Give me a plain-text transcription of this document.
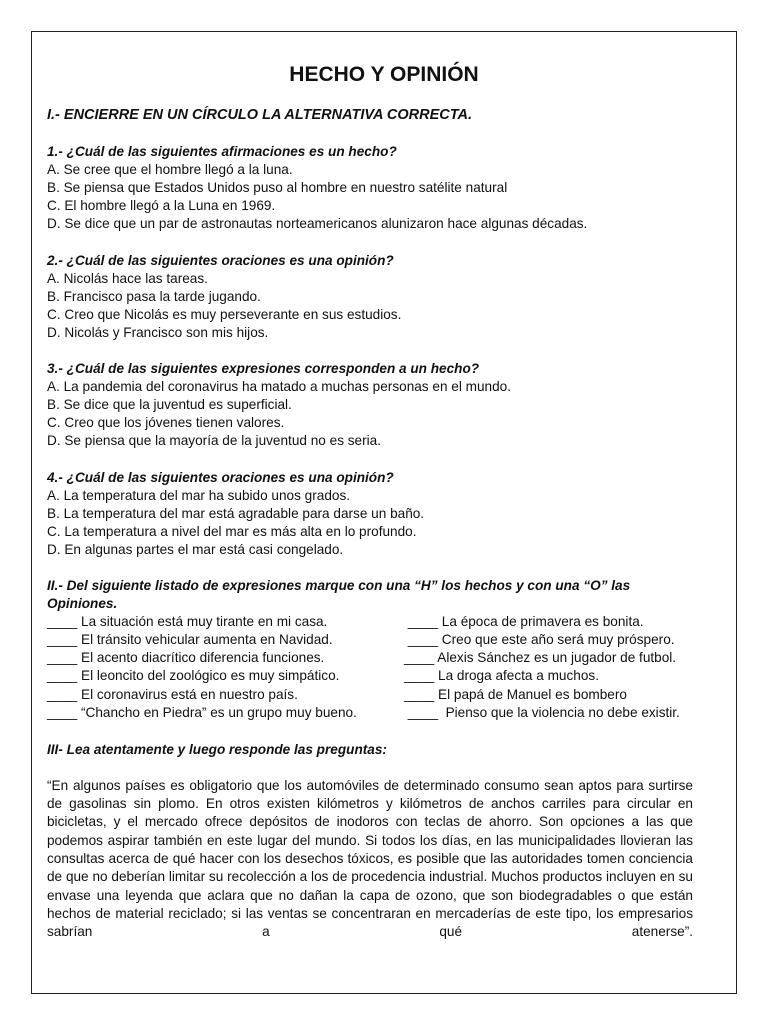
HECHO Y OPINIÓN

I.- ENCIERRE EN UN CÍRCULO LA ALTERNATIVA CORRECTA.

1.- ¿Cuál de las siguientes afirmaciones es un hecho?
A. Se cree que el hombre llegó a la luna.
B. Se piensa que Estados Unidos puso al hombre en nuestro satélite natural
C. El hombre llegó a la Luna en 1969.
D. Se dice que un par de astronautas norteamericanos alunizaron hace algunas décadas.
2.- ¿Cuál de las siguientes oraciones es una opinión?
A. Nicolás hace las tareas.
B. Francisco pasa la tarde jugando.
C. Creo que Nicolás es muy perseverante en sus estudios.
D. Nicolás y Francisco son mis hijos.
3.- ¿Cuál de las siguientes expresiones corresponden a un hecho?
A. La pandemia del coronavirus ha matado a muchas personas en el mundo.
B. Se dice que la juventud es superficial.
C. Creo que los jóvenes tienen valores.
D. Se piensa que la mayoría de la juventud no es seria.
4.- ¿Cuál de las siguientes oraciones es una opinión?
A. La temperatura del mar ha subido unos grados.
B. La temperatura del mar está agradable para darse un baño.
C. La temperatura a nivel del mar es más alta en lo profundo.
D. En algunas partes el mar está casi congelado.
II.- Del siguiente listado de expresiones marque con una “H” los hechos y con una “O” las
Opiniones.
____ La situación está muy tirante en mi casa.	____ La época de primavera es bonita.
____ El tránsito vehicular aumenta en Navidad.	____ Creo que este año será muy próspero.
____ El acento diacrítico diferencia funciones.	____ Alexis Sánchez es un jugador de futbol.
____ El leoncito del zoológico es muy simpático.	____ La droga afecta a muchos.
____ El coronavirus está en nuestro país.	____ El papá de Manuel es bombero
____ “Chancho en Piedra” es un grupo muy bueno.	____  Pienso que la violencia no debe existir.

III- Lea atentamente y luego responde las preguntas:

“En algunos países es obligatorio que los automóviles de determinado consumo sean aptos para surtirse de gasolinas sin plomo. En otros existen kilómetros y kilómetros de anchos carriles para circular en bicicletas, y el mercado ofrece depósitos de inodoros con teclas de ahorro. Son opciones a las que podemos aspirar también en este lugar del mundo. Si todos los días, en las municipalidades llovieran las consultas acerca de qué hacer con los desechos tóxicos, es posible que las autoridades tomen conciencia de que no deberían limitar su recolección a los de procedencia industrial. Muchos productos incluyen en su envase una leyenda que aclara que no dañan la capa de ozono, que son biodegradables o que están hechos de material reciclado; si las ventas se concentraran en mercaderías de este tipo, los empresarios sabrían a qué atenerse”.
